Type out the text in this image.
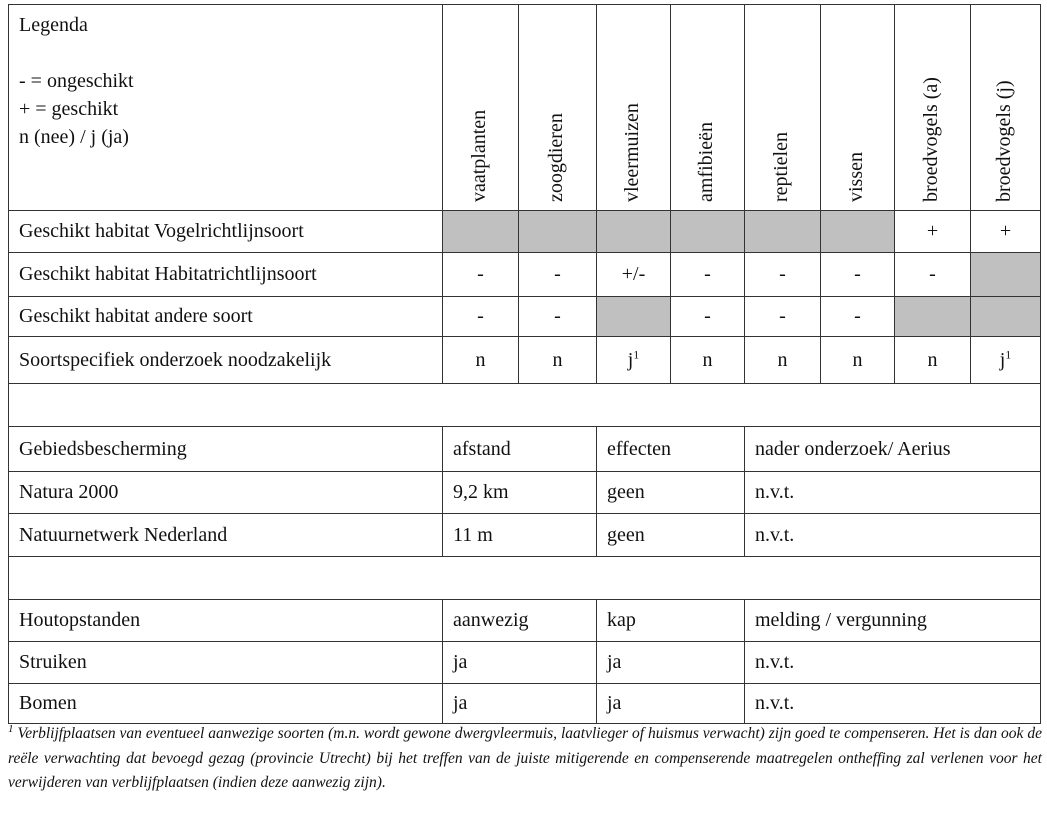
Legenda
- = ongeschikt
+ = geschikt
n (nee) / j (ja)	vaatplanten	zoogdieren	vleermuizen	amfibieën	reptielen	vissen	broedvogels (a)	broedvogels (j)

Geschikt habitat Vogelrichtlijnsoort							+	+
Geschikt habitat Habitatrichtlijnsoort	-	-	+/-	-	-	-	-	
Geschikt habitat andere soort	-	-		-	-	-		
Soortspecifiek onderzoek noodzakelijk	n	n	$j^1$	n	n	n	n	$j^1$

Gebiedsbescherming	afstand		effecten		nader onderzoek/ Aerius			
Natura 2000	9,2 km		geen		n.v.t.			
Natuurnetwerk Nederland	11 m		geen		n.v.t.			

Houtopstanden	aanwezig		kap		melding / vergunning			
Struiken	ja		ja		n.v.t.			
Bomen	ja		ja		n.v.t.			
$^1$ Verblijfplaatsen van eventueel aanwezige soorten (m.n. wordt gewone dwergvleermuis, laatvlieger of huismus verwacht) zijn goed te compenseren. Het is dan ook de reële verwachting dat bevoegd gezag (provincie Utrecht) bij het treffen van de juiste mitigerende en compenserende maatregelen ontheffing zal verlenen voor het verwijderen van verblijfplaatsen (indien deze aanwezig zijn).
